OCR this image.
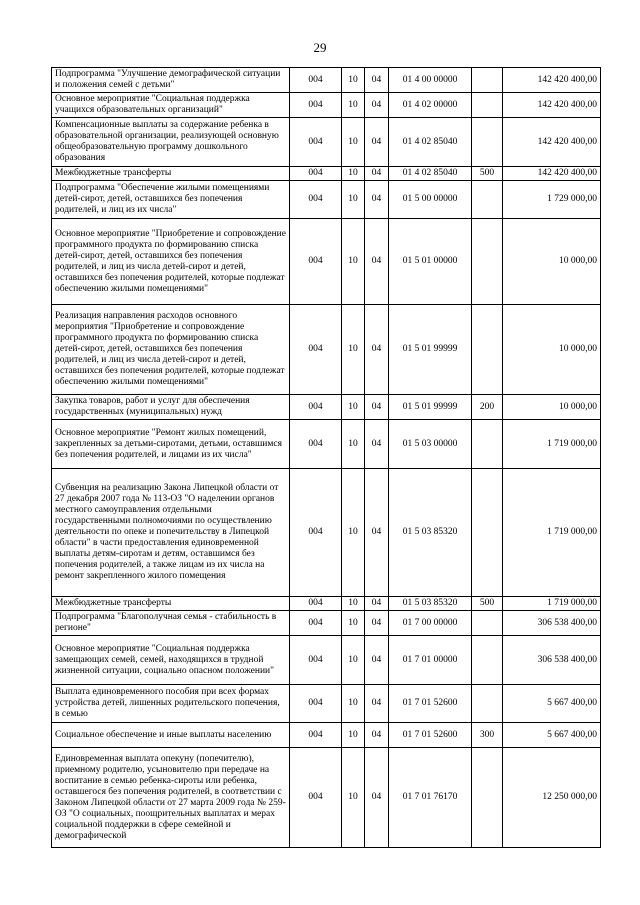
29
Подпрограмма "Улучшение демографической ситуации и положения семей с детьми"	004	10	04	01 4 00 00000		142 420 400,00
Основное мероприятие "Социальная поддержка учащихся образовательных организаций"	004	10	04	01 4 02 00000		142 420 400,00
Компенсационные выплаты за содержание ребенка в образовательной организации, реализующей основную общеобразовательную программу дошкольного образования	004	10	04	01 4 02 85040		142 420 400,00
Межбюджетные трансферты	004	10	04	01 4 02 85040	500	142 420 400,00
Подпрограмма "Обеспечение жилыми помещениями детей-сирот, детей, оставшихся без попечения родителей, и лиц из их числа"	004	10	04	01 5 00 00000		1 729 000,00
Основное мероприятие "Приобретение и сопровождение программного продукта по формированию списка детей-сирот, детей, оставшихся без попечения родителей, и лиц из числа детей-сирот и детей, оставшихся без попечения родителей, которые подлежат обеспечению жилыми помещениями"	004	10	04	01 5 01 00000		10 000,00
Реализация направления расходов основного мероприятия "Приобретение и сопровождение программного продукта по формированию списка детей-сирот, детей, оставшихся без попечения родителей, и лиц из числа детей-сирот и детей, оставшихся без попечения родителей, которые подлежат обеспечению жилыми помещениями"	004	10	04	01 5 01 99999		10 000,00
Закупка товаров, работ и услуг для обеспечения государственных (муниципальных) нужд	004	10	04	01 5 01 99999	200	10 000,00
Основное мероприятие "Ремонт жилых помещений, закрепленных за детьми-сиротами, детьми, оставшимся без попечения родителей, и лицами из их числа"	004	10	04	01 5 03 00000		1 719 000,00
Субвенция на реализацию Закона Липецкой области от 27 декабря 2007 года № 113-ОЗ "О наделении органов местного самоуправления отдельными государственными полномочиями по осуществлению деятельности по опеке и попечительству в Липецкой области" в части предоставления единовременной выплаты детям-сиротам и детям, оставшимся без попечения родителей, а также лицам из их числа на ремонт закрепленного жилого помещения	004	10	04	01 5 03 85320		1 719 000,00
Межбюджетные трансферты	004	10	04	01 5 03 85320	500	1 719 000,00
Подпрограмма "Благополучная семья - стабильность в регионе"	004	10	04	01 7 00 00000		306 538 400,00
Основное мероприятие "Социальная поддержка замещающих семей, семей, находящихся в трудной жизненной ситуации, социально опасном положении"	004	10	04	01 7 01 00000		306 538 400,00
Выплата единовременного пособия при всех формах устройства детей, лишенных родительского попечения, в семью	004	10	04	01 7 01 52600		5 667 400,00
Социальное обеспечение и иные выплаты населению	004	10	04	01 7 01 52600	300	5 667 400,00
Единовременная выплата опекуну (попечителю), приемному родителю, усыновителю при передаче на воспитание в семью ребенка-сироты или ребенка, оставшегося без попечения родителей, в соответствии с Законом Липецкой области от 27 марта 2009 года № 259-ОЗ "О социальных, поощрительных выплатах и мерах социальной поддержки в сфере семейной и демографической	004	10	04	01 7 01 76170		12 250 000,00
